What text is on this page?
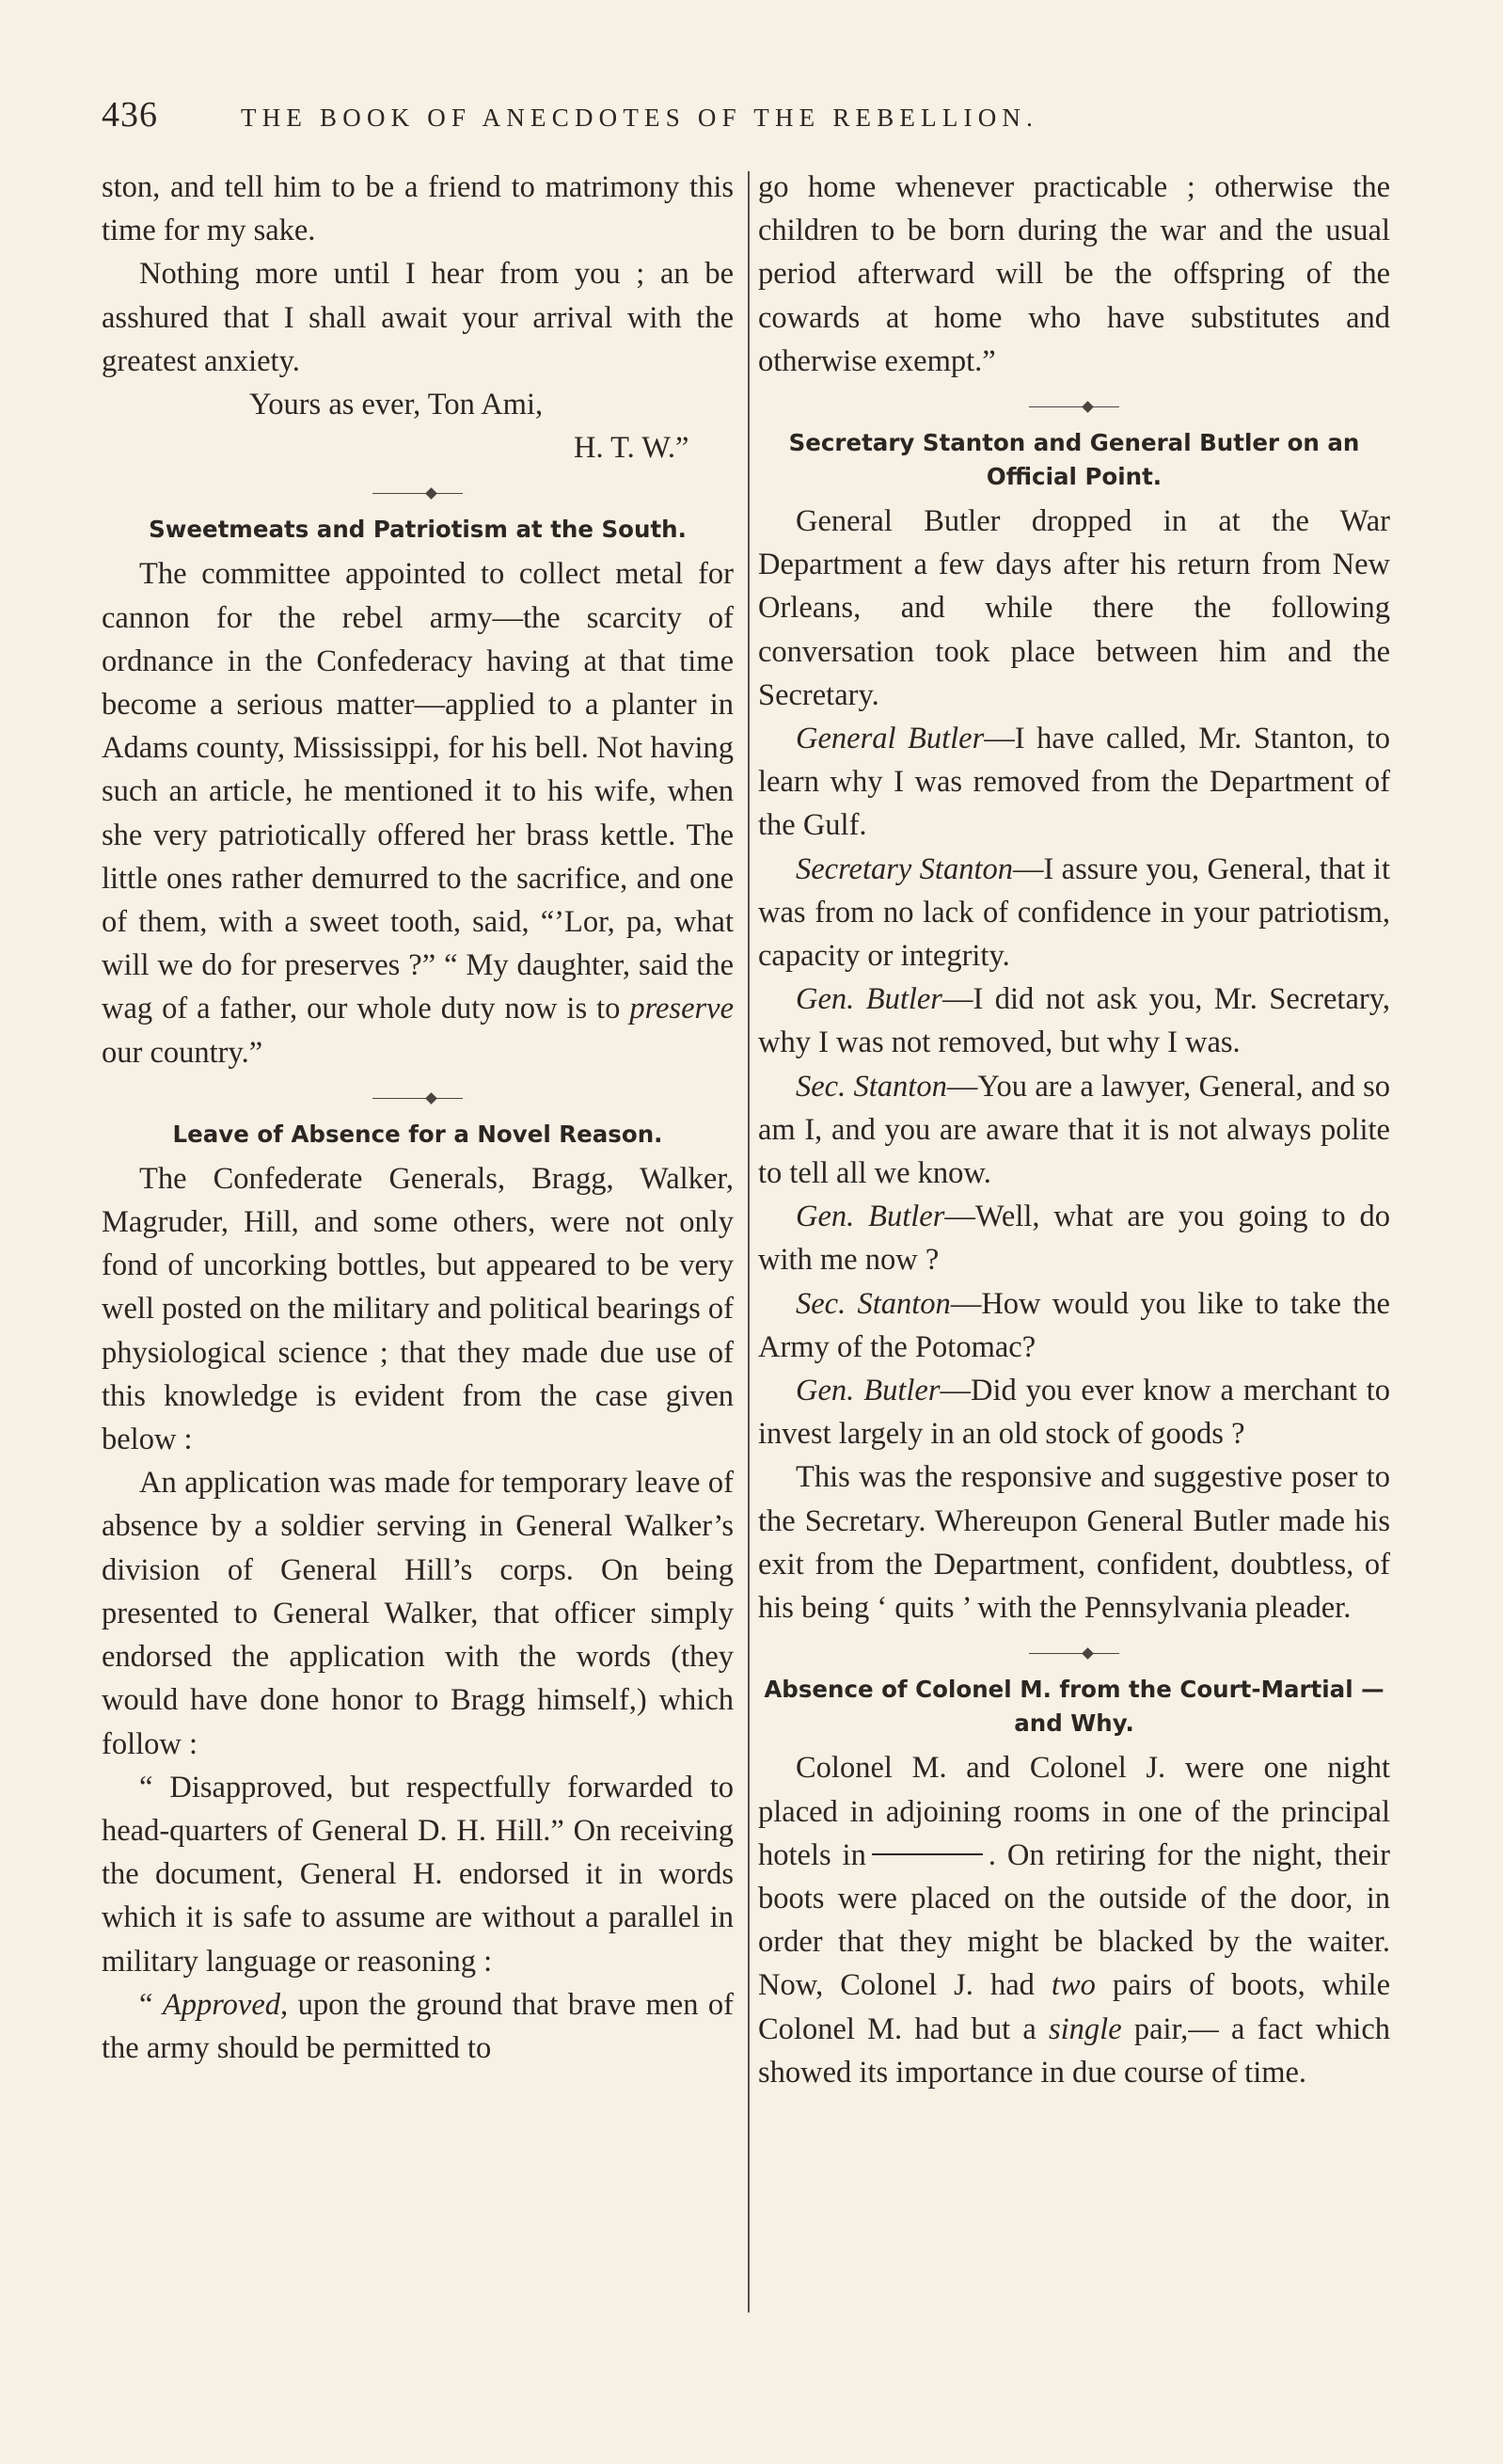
436	THE BOOK OF ANECDOTES OF THE REBELLION.

ston, and tell him to be a friend to matrimony this time for my sake.

Nothing more until I hear from you ; an be asshured that I shall await your arrival with the greatest anxiety.

Yours as ever, Ton Ami,

H. T. W.”

Sweetmeats and Patriotism at the South.

The committee appointed to collect metal for cannon for the rebel army—the scarcity of ordnance in the Confederacy having at that time become a serious matter—applied to a planter in Adams county, Mississippi, for his bell. Not having such an article, he mentioned it to his wife, when she very patriotically offered her brass kettle. The little ones rather demurred to the sacrifice, and one of them, with a sweet tooth, said, “’Lor, pa, what will we do for preserves ?” “ My daughter, said the wag of a father, our whole duty now is to preserve our country.”

Leave of Absence for a Novel Reason.

The Confederate Generals, Bragg, Walker, Magruder, Hill, and some others, were not only fond of uncorking bottles, but appeared to be very well posted on the military and political bearings of physiological science ; that they made due use of this knowledge is evident from the case given below :

An application was made for temporary leave of absence by a soldier serving in General Walker’s division of General Hill’s corps. On being presented to General Walker, that officer simply endorsed the application with the words (they would have done honor to Bragg himself,) which follow :

“ Disapproved, but respectfully forwarded to head-quarters of General D. H. Hill.” On receiving the document, General H. endorsed it in words which it is safe to assume are without a parallel in military language or reasoning :

“ Approved, upon the ground that brave men of the army should be permitted to

go home whenever practicable ; otherwise the children to be born during the war and the usual period afterward will be the offspring of the cowards at home who have substitutes and otherwise exempt.”

Secretary Stanton and General Butler on an Official Point.

General Butler dropped in at the War Department a few days after his return from New Orleans, and while there the following conversation took place between him and the Secretary.

General Butler—I have called, Mr. Stanton, to learn why I was removed from the Department of the Gulf.

Secretary Stanton—I assure you, General, that it was from no lack of confidence in your patriotism, capacity or integrity.

Gen. Butler—I did not ask you, Mr. Secretary, why I was not removed, but why I was.

Sec. Stanton—You are a lawyer, General, and so am I, and you are aware that it is not always polite to tell all we know.

Gen. Butler—Well, what are you going to do with me now ?

Sec. Stanton—How would you like to take the Army of the Potomac?

Gen. Butler—Did you ever know a merchant to invest largely in an old stock of goods ?

This was the responsive and suggestive poser to the Secretary. Whereupon General Butler made his exit from the Department, confident, doubtless, of his being ‘ quits ’ with the Pennsylvania pleader.

Absence of Colonel M. from the Court-Martial —and Why.

Colonel M. and Colonel J. were one night placed in adjoining rooms in one of the principal hotels in	. On retiring for the night, their boots were placed on the outside of the door, in order that they might be blacked by the waiter. Now, Colonel J. had two pairs of boots, while Colonel M. had but a single pair,— a fact which showed its importance in due course of time.
